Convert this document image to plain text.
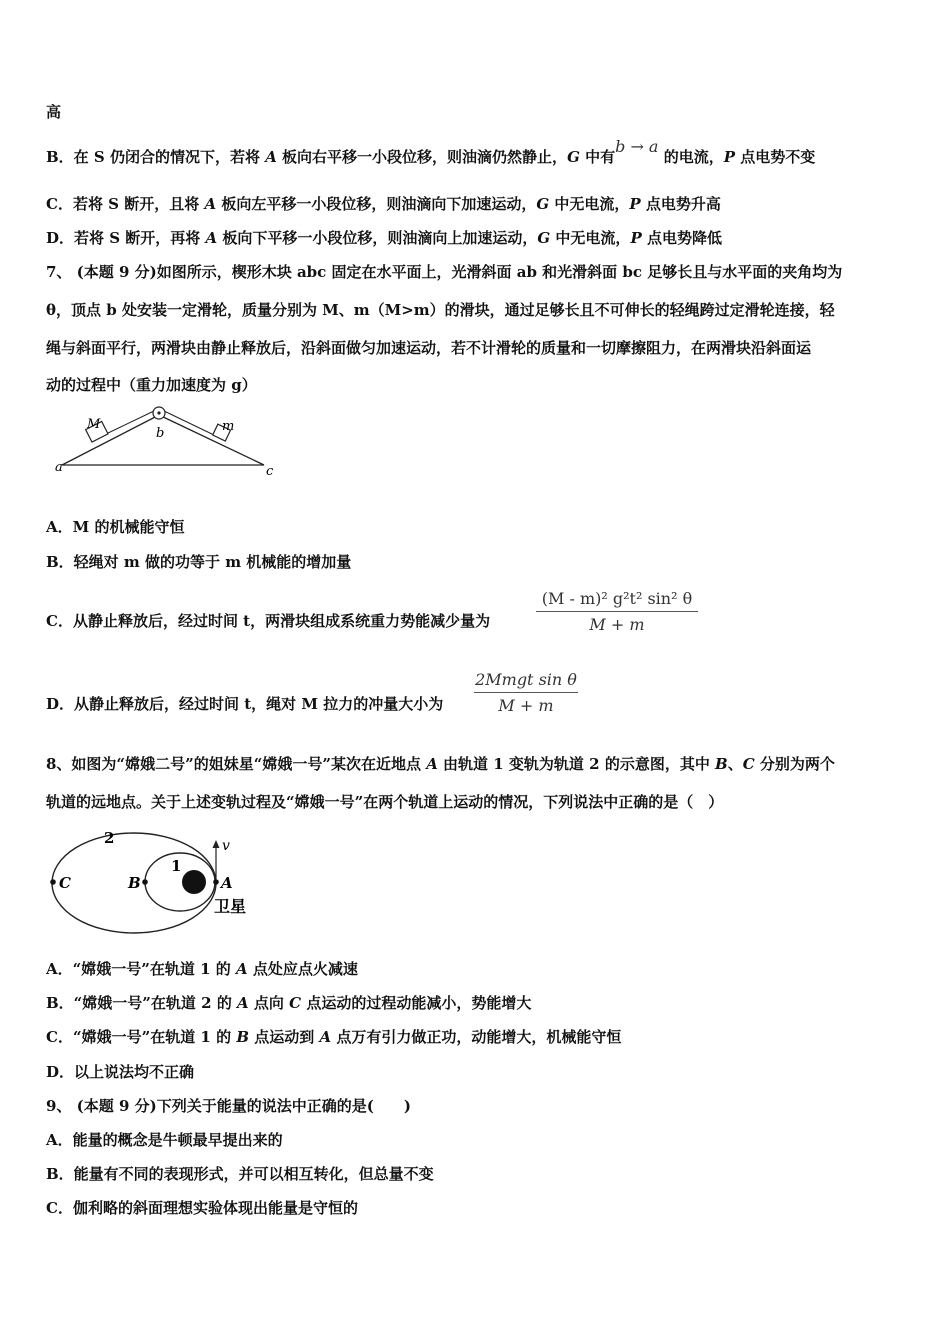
高
B．在 S 仍闭合的情况下，若将 A 板向右平移一小段位移，则油滴仍然静止，G 中有b → a 的电流，P 点电势不变
C．若将 S 断开，且将 A 板向左平移一小段位移，则油滴向下加速运动，G 中无电流，P 点电势升高
D．若将 S 断开，再将 A 板向下平移一小段位移，则油滴向上加速运动，G 中无电流，P 点电势降低
7、 (本题 9 分)如图所示，楔形木块 abc 固定在水平面上，光滑斜面 ab 和光滑斜面 bc 足够长且与水平面的夹角均为
θ，顶点 b 处安装一定滑轮，质量分别为 M、m（M>m）的滑块，通过足够长且不可伸长的轻绳跨过定滑轮连接，轻
绳与斜面平行，两滑块由静止释放后，沿斜面做匀加速运动，若不计滑轮的质量和一切摩擦阻力，在两滑块沿斜面运
动的过程中（重力加速度为 g）
a
b
c
M	m
A．M 的机械能守恒
B．轻绳对 m 做的功等于 m 机械能的增加量
C．从静止释放后，经过时间 t，两滑块组成系统重力势能减少量为
(M - m)² g²t² sin² θ
M + m
D．从静止释放后，经过时间 t，绳对 M 拉力的冲量大小为
2Mmgt sin θ
M + m
8、如图为“嫦娥二号”的姐妹星“嫦娥一号”某次在近地点 A 由轨道 1 变轨为轨道 2 的示意图，其中 B、C 分别为两个
轨道的远地点。关于上述变轨过程及“嫦娥一号”在两个轨道上运动的情况，下列说法中正确的是（　）
2
1
C	B	A
v
卫星
A．“嫦娥一号”在轨道 1 的 A 点处应点火减速
B．“嫦娥一号”在轨道 2 的 A 点向 C 点运动的过程动能减小，势能增大
C．“嫦娥一号”在轨道 1 的 B 点运动到 A 点万有引力做正功，动能增大，机械能守恒
D．以上说法均不正确
9、 (本题 9 分)下列关于能量的说法中正确的是(　　)
A．能量的概念是牛顿最早提出来的
B．能量有不同的表现形式，并可以相互转化，但总量不变
C．伽利略的斜面理想实验体现出能量是守恒的
